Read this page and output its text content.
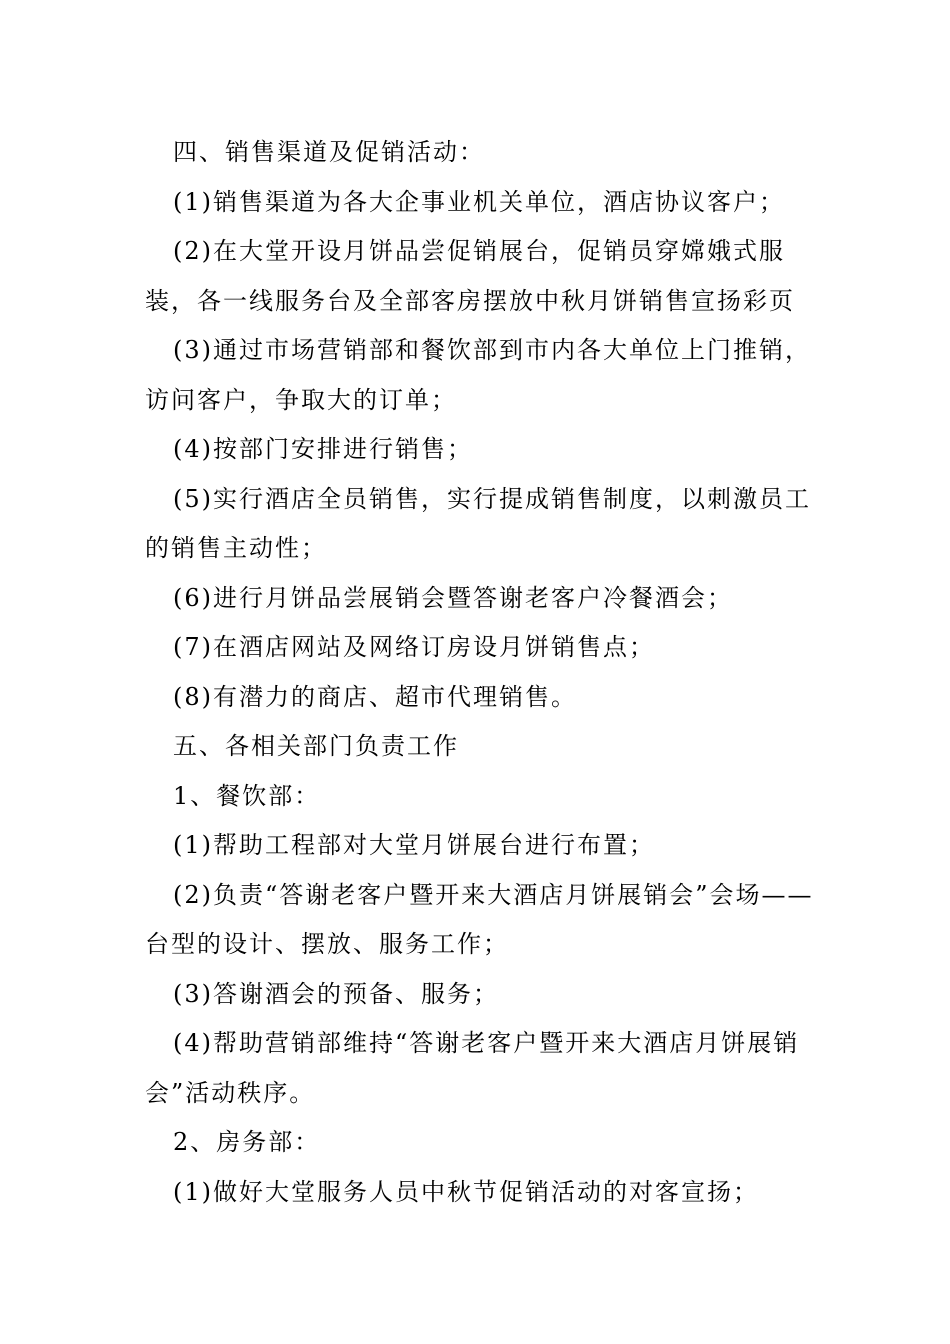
四、销售渠道及促销活动：

(1)销售渠道为各大企事业机关单位，酒店协议客户；

(2)在大堂开设月饼品尝促销展台，促销员穿嫦娥式服装，各一线服务台及全部客房摆放中秋月饼销售宣扬彩页

(3)通过市场营销部和餐饮部到市内各大单位上门推销，访问客户，争取大的订单；

(4)按部门安排进行销售；

(5)实行酒店全员销售，实行提成销售制度，以刺激员工的销售主动性；

(6)进行月饼品尝展销会暨答谢老客户冷餐酒会；

(7)在酒店网站及网络订房设月饼销售点；

(8)有潜力的商店、超市代理销售。

五、各相关部门负责工作

1、餐饮部：

(1)帮助工程部对大堂月饼展台进行布置；

(2)负责“答谢老客户暨开来大酒店月饼展销会”会场——台型的设计、摆放、服务工作；

(3)答谢酒会的预备、服务；

(4)帮助营销部维持“答谢老客户暨开来大酒店月饼展销会”活动秩序。

2、房务部：

(1)做好大堂服务人员中秋节促销活动的对客宣扬；
